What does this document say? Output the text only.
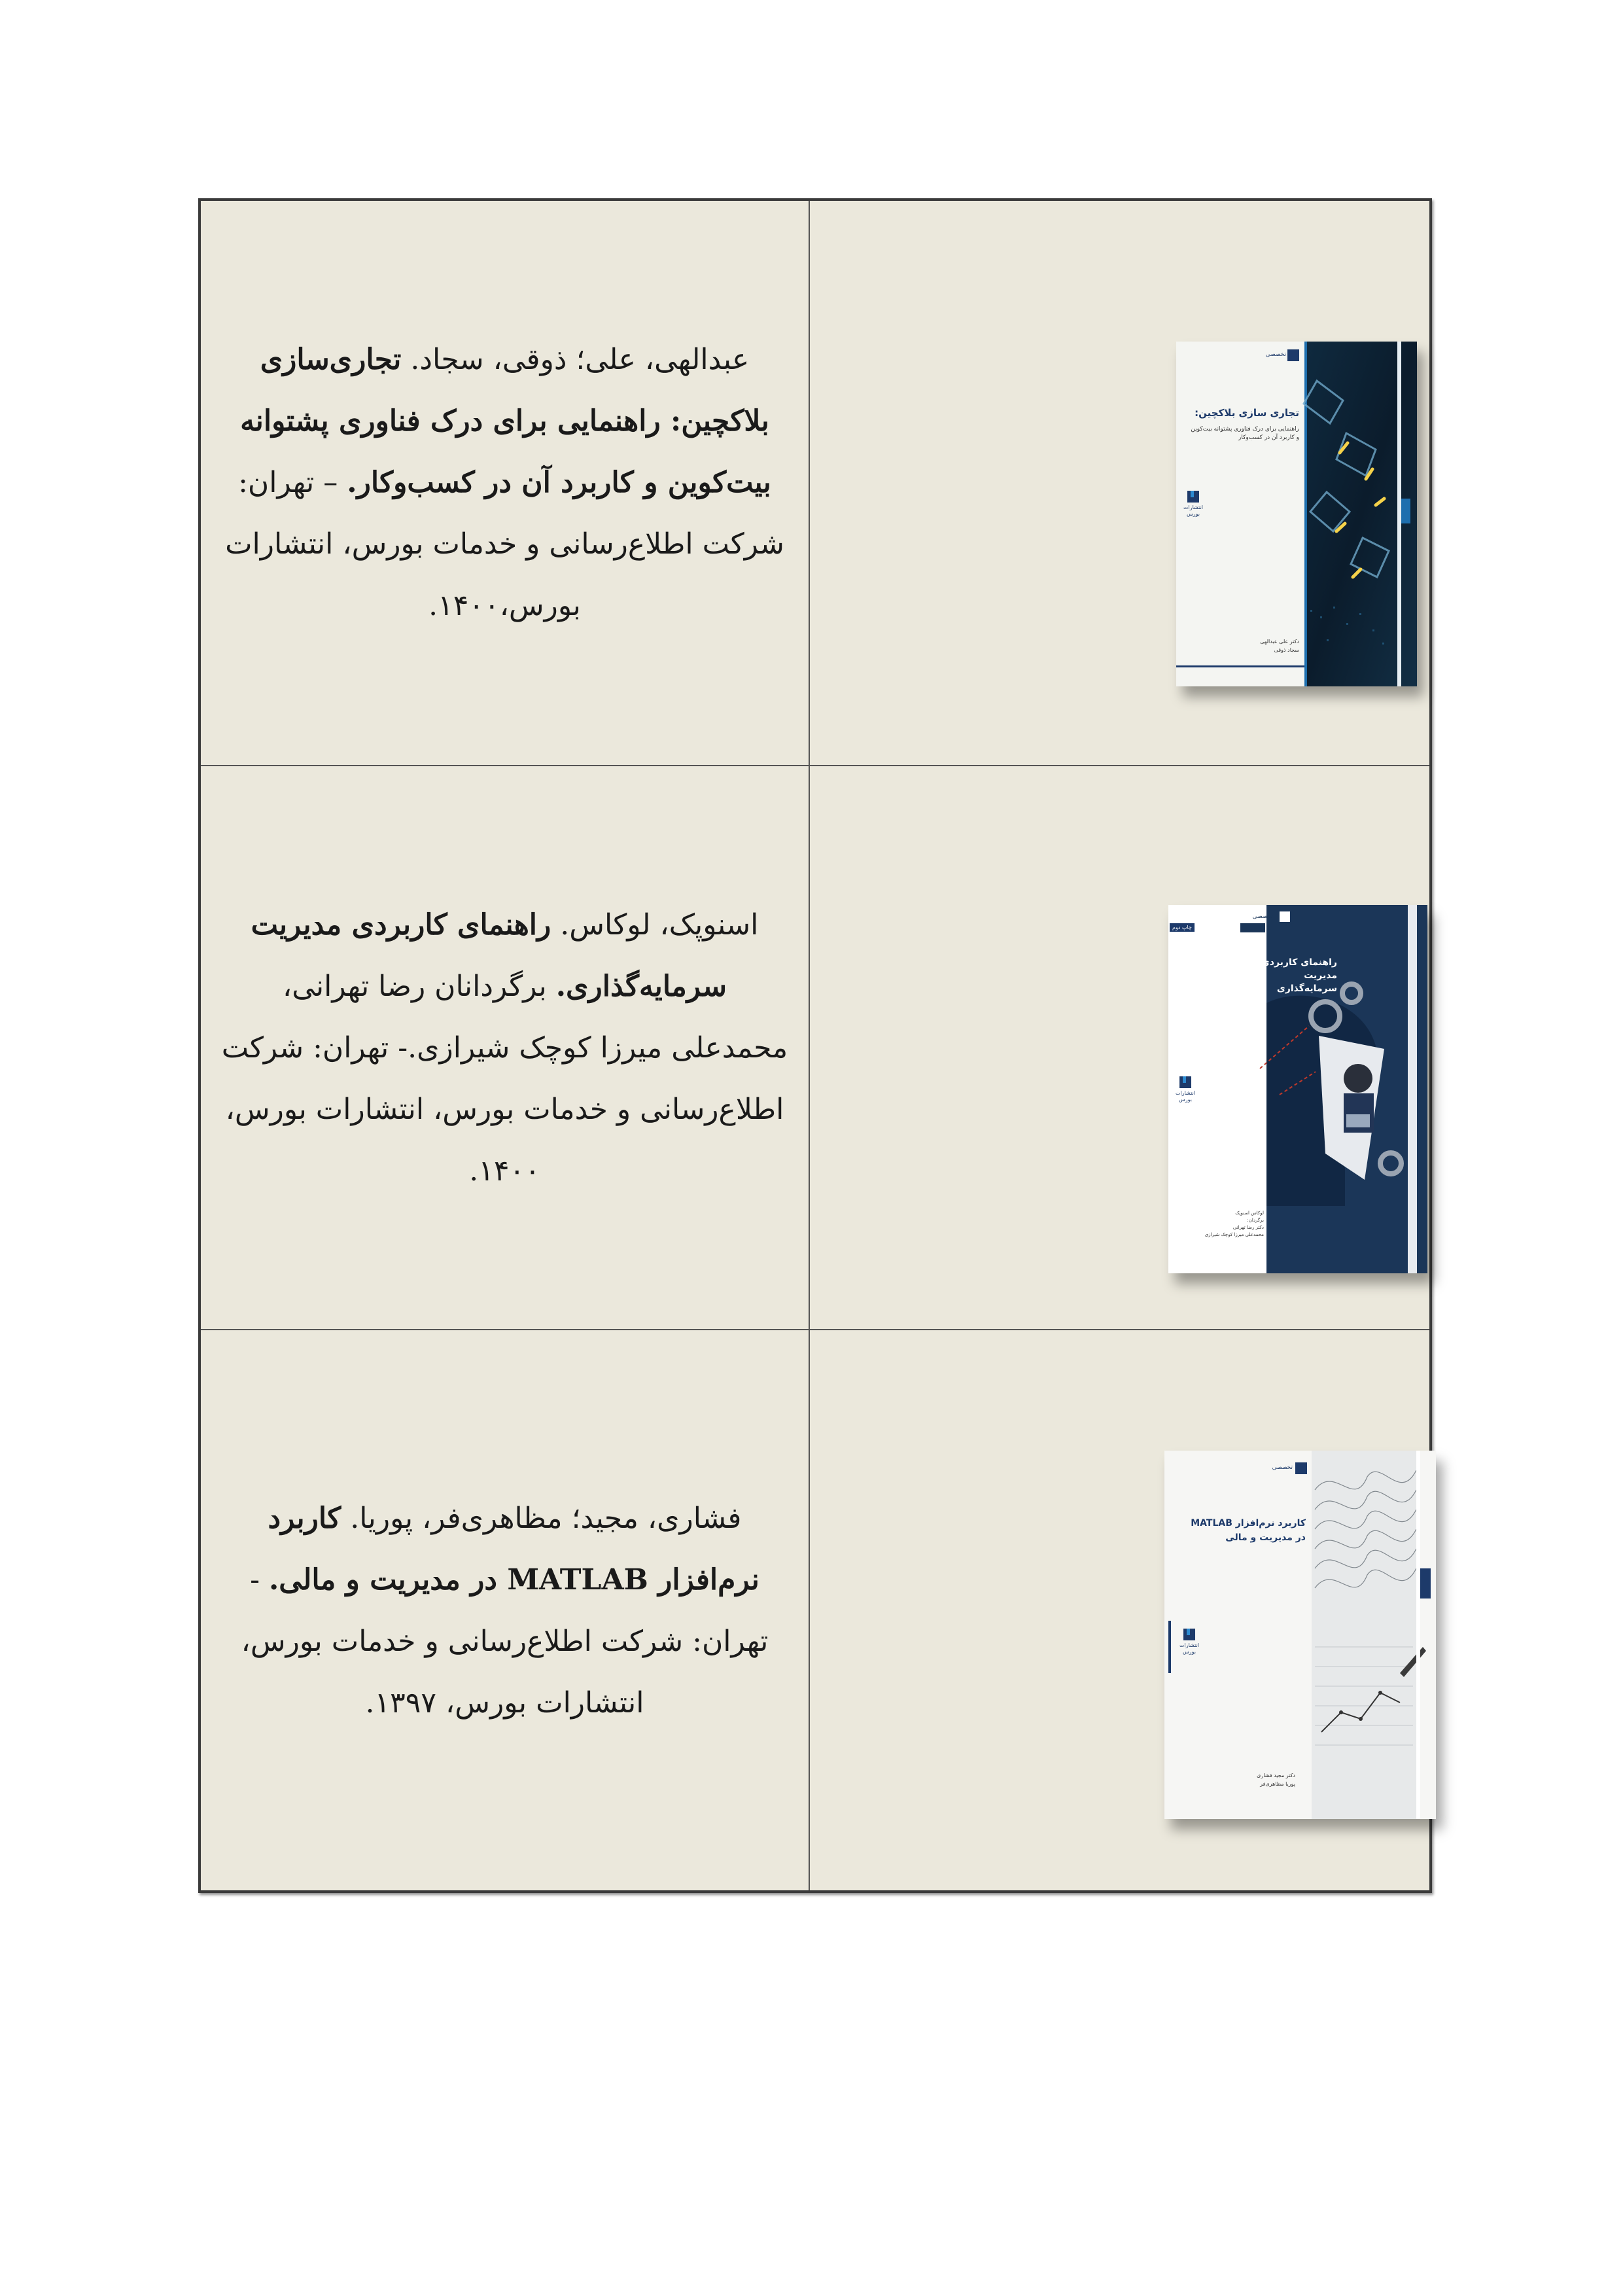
عبدالهی، علی؛ ذوقی، سجاد. تجاری‌سازی بلاکچین: راهنمایی برای درک فناوری پشتوانه بیت‌کوین و کاربرد آن در کسب‌وکار. – تهران: شرکت اطلاع‌رسانی و خدمات بورس، انتشارات بورس،۱۴۰۰.

تجاری سازی بلاکچین:
راهنمایی برای درک فناوری پشتوانه بیت‌کوین و کاربرد آن در کسب‌وکار
تخصصی
انتشارات بورس
دکتر علی عبدالهی
سجاد ذوقی

اسنوپک، لوکاس. راهنمای کاربردی مدیریت سرمایه‌گذاری. برگردانان رضا تهرانی، محمدعلی میرزا کوچک شیرازی.- تهران: شرکت اطلاع‌رسانی و خدمات بورس، انتشارات بورس، ۱۴۰۰.

چاپ دوم
تخصصی
راهنمای کاربردی مدیریت سرمایه‌گذاری
انتشارات بورس
لوکاس اسنوپک
برگردان:
دکتر رضا تهرانی
محمدعلی میرزا کوچک شیرازی

فشاری، مجید؛ مظاهری‌فر، پوریا. کاربرد نرم‌افزار MATLAB در مدیریت و مالی. - تهران: شرکت اطلاع‌رسانی و خدمات بورس، انتشارات بورس، ۱۳۹۷.

تخصصی
کاربرد نرم‌افزار MATLAB در مدیریت و مالی
انتشارات بورس
دکتر مجید فشاری
پوریا مظاهری‌فر
